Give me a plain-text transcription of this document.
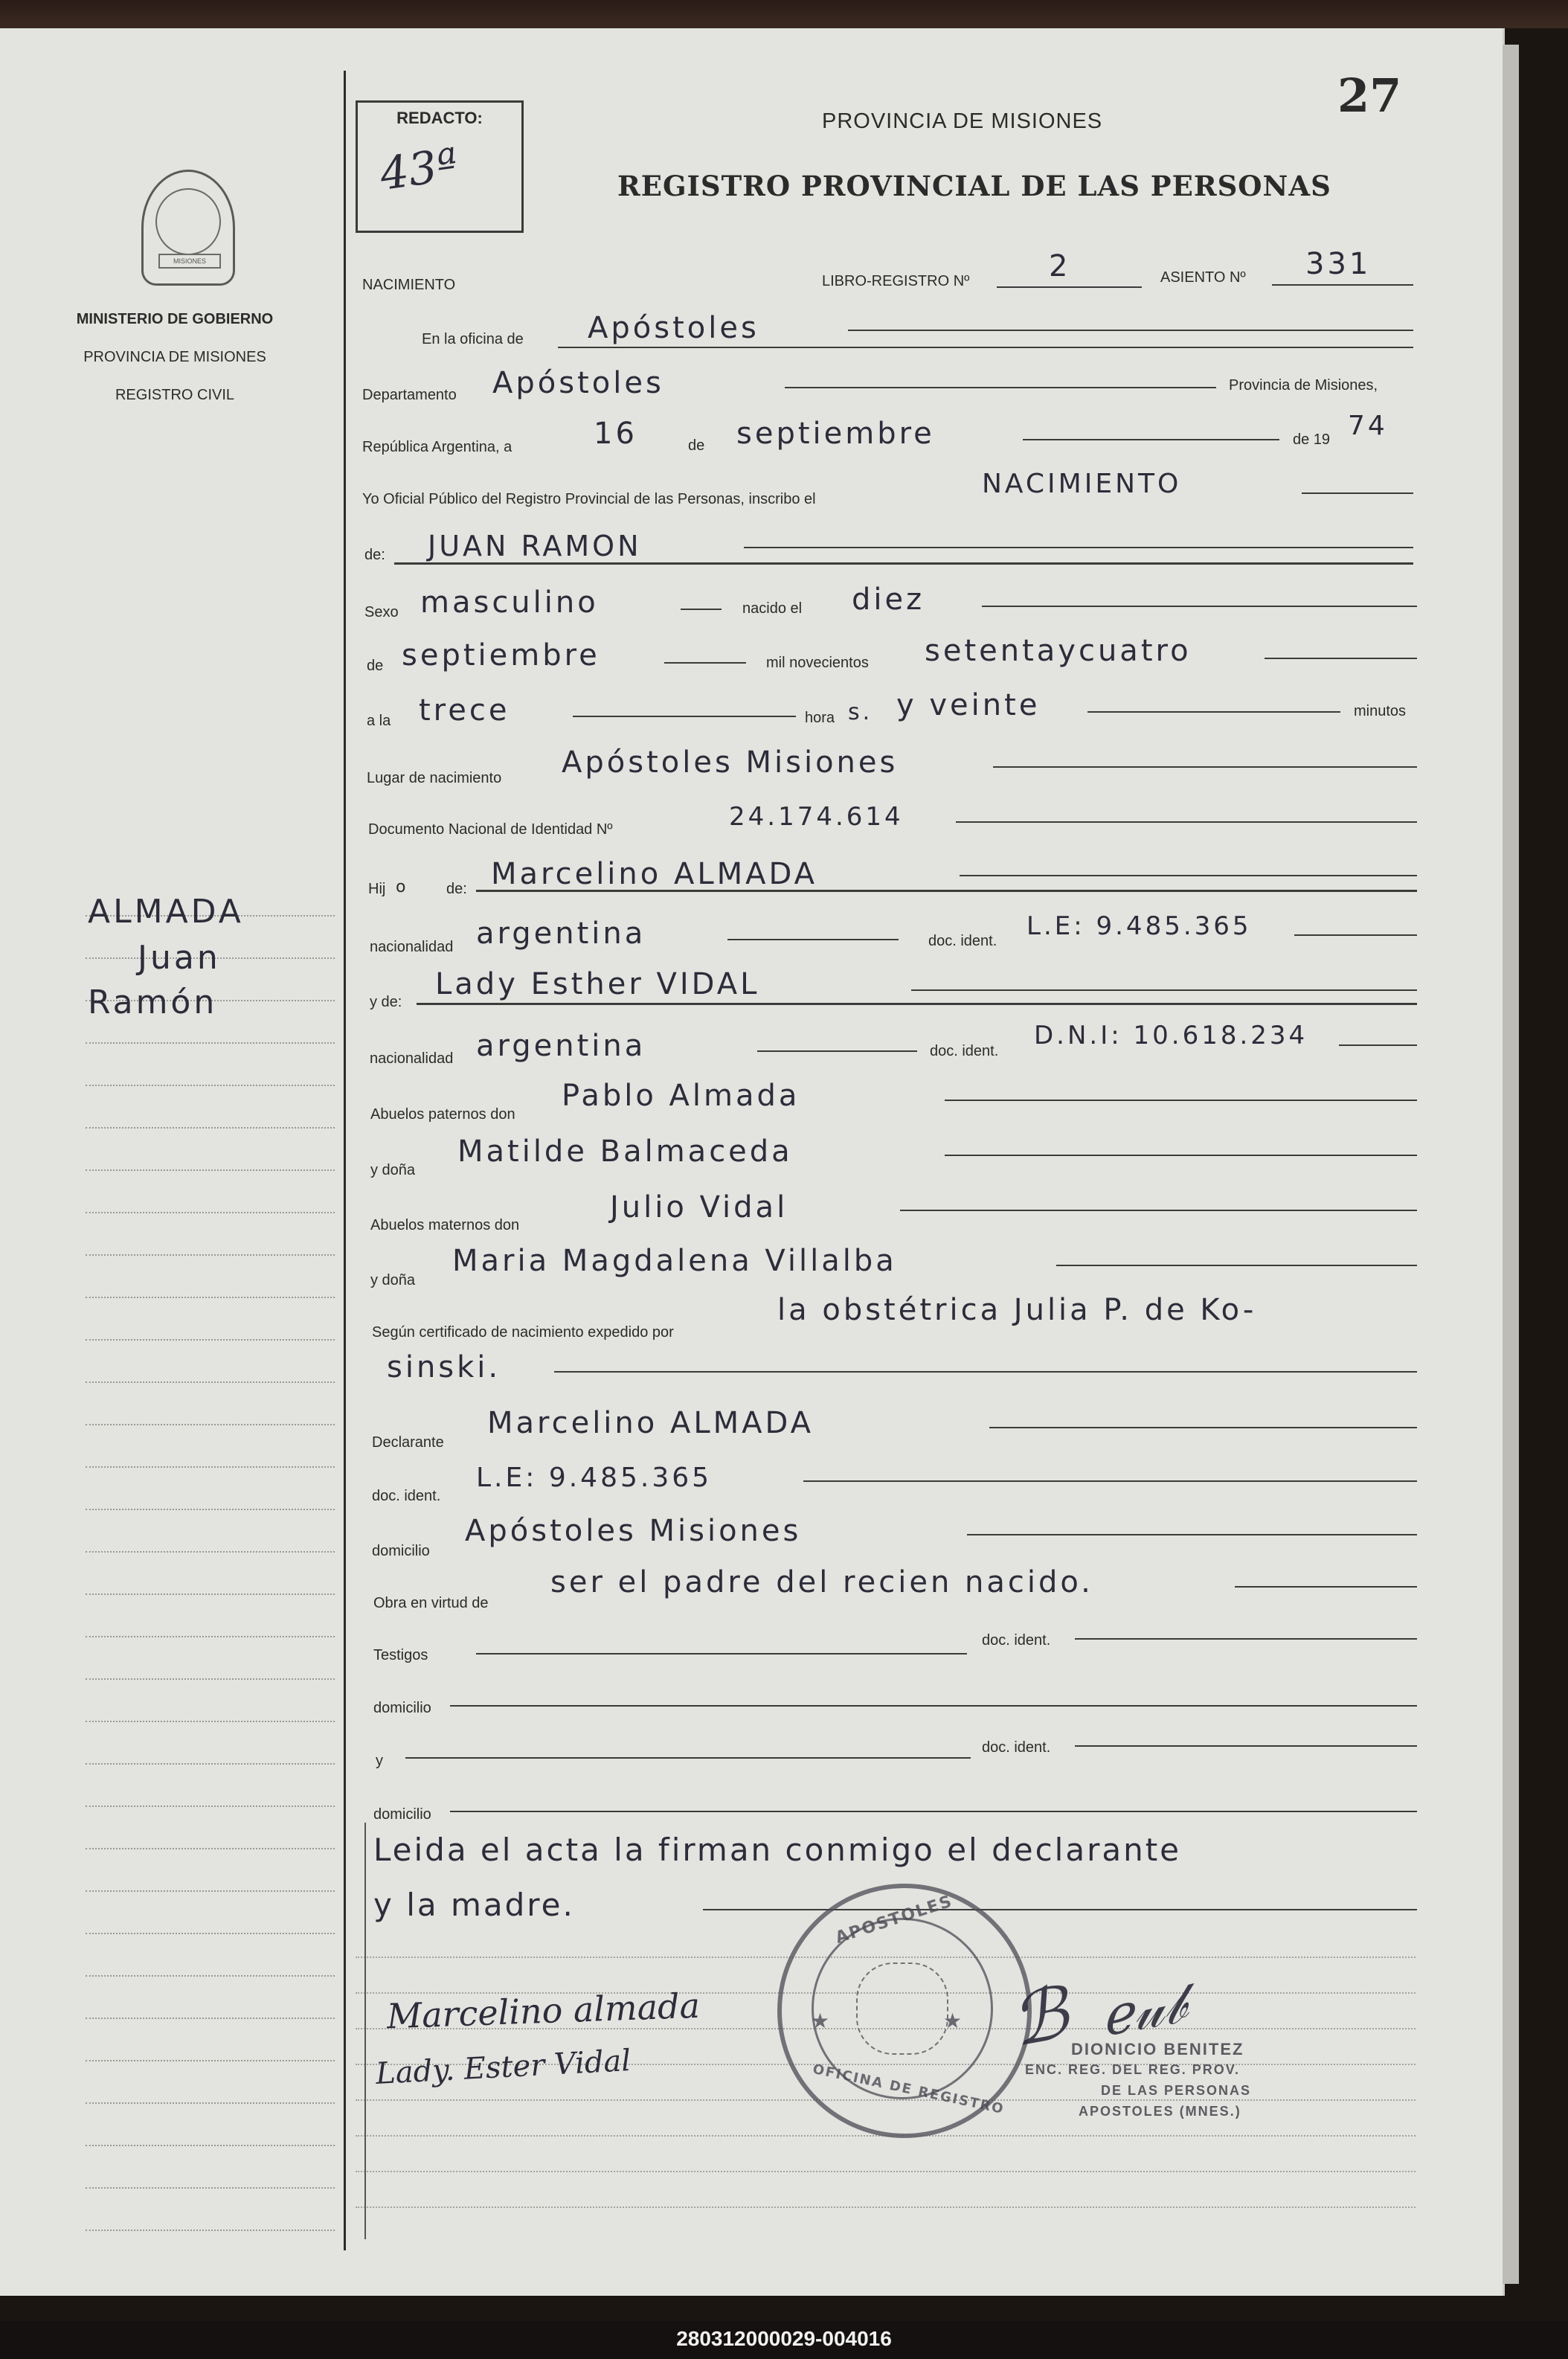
27
REDACTO:
43ª
MISIONES
MINISTERIO DE GOBIERNO
PROVINCIA DE MISIONES
REGISTRO CIVIL
PROVINCIA DE MISIONES
REGISTRO PROVINCIAL DE LAS PERSONAS
ALMADA
Juan
Ramón
NACIMIENTO	LIBRO-REGISTRO Nº	2	ASIENTO Nº 331
En la oficina de Apóstoles
Departamento Apóstoles	Provincia de Misiones,
República Argentina, a	16	de septiembre	de 19 74
Yo Oficial Público del Registro Provincial de las Personas, inscribo el	NACIMIENTO
de: JUAN RAMON
Sexo masculino	nacido el diez
de septiembre	mil novecientos setentaycuatro
a la trece	hora s. y veinte	minutos
Lugar de nacimiento Apóstoles Misiones
Documento Nacional de Identidad Nº	24.174.614
Hij o	de: Marcelino ALMADA
nacionalidad argentina	doc. ident. L.E: 9.485.365
y de:
Lady Esther VIDAL
nacionalidad argentina	doc. ident.
D.N.I: 10.618.234
Abuelos paternos don
Pablo Almada
y doña
Matilde Balmaceda
Abuelos maternos don
Julio Vidal
y doña
Maria Magdalena Villalba
Según certificado de nacimiento expedido por
la obstétrica Julia P. de Ko-
sinski.
Declarante
Marcelino ALMADA
doc. ident.
L.E: 9.485.365
domicilio
Apóstoles Misiones
Obra en virtud de
ser el padre del recien nacido.
Testigos
doc. ident.
domicilio
y
doc. ident.
domicilio
Leida el acta la firman conmigo el declarante
y la madre.
Marcelino almada
Lady. Ester Vidal
APOSTOLES
★	★
OFICINA DE REGISTRO
ℬ ℯ𝓊𝒷
DIONICIO BENITEZ
ENC. REG. DEL REG. PROV.
DE LAS PERSONAS
APOSTOLES (MNES.)
280312000029-004016
